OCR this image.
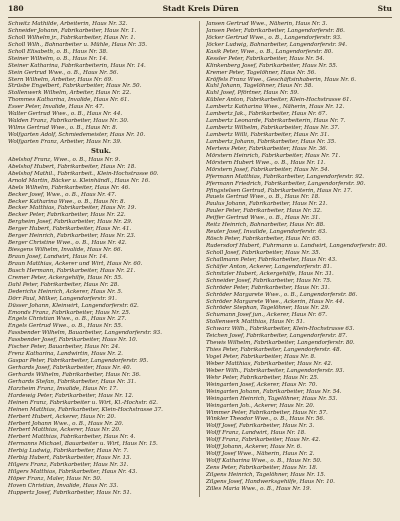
180	Stadt Kreis Düren	Stu
Schwitz Mathilde, Arbeiterin, Haus Nr. 32.
Schneider Johann, Fabrikarbeiter, Haus Nr. 1.
Scholl Wilhelm jr., Fabrikarbeiter, Haus Nr. 1.
Scholl Wilh., Bahnarbeiter u. Mühle, Haus Nr. 35.
Scholl Elisabeth, o. B., Haus Nr. 38.
Steiner Wilhelm, o. B., Haus Nr. 14.
Steiner Katharina, Fabrikarbeiterin, Haus Nr. 14.
Stein Gertrud Wwe., o. B., Haus Nr. 56.
Stern Wilhelm, Arbeiter, Haus Nr. 69.
Strüsbe Engelbert, Fabrikarbeiter, Haus Nr. 50.
Stollenwerk Wilhelm, Arbeiter, Haus Nr. 22.
Thommes Katharina, Invalide, Haus Nr. 61.
Esser Peter, Invalide, Haus Nr. 47.
Walter Gertrud Wwe., o. B., Haus Nr. 44.
Walden Franz, Fabrikarbeiter, Haus Nr. 30.
Wilms Gertrud Wwe., o. B., Haus Nr. 8.
Wolfgarten Adolf, Schmiedemeister, Haus Nr. 10.
Wolfgarten Franz, Arbeiter, Haus Nr. 39.
Stuk.
Abelshof Franz, Wwe., o. B., Haus Nr. 9.
Abelshof Hubert, Fabrikarbeiter, Haus Nr. 18.
Abelshof Mathil., Fabrikarbeit., Klein-Hochstrasse 60.
Arnold Martin, Bäcker u. Kleinhändl., Haus Nr. 16.
Abels Wilhelm, Fabrikarbeiter, Haus Nr. 46.
Becker Josef, Wwe., o. B., Haus Nr. 47.
Becker Katharina Wwe., o. B., Haus Nr. 8.
Becker Matthias, Fabrikarbeiter, Haus Nr. 19.
Becker Peter, Fabrikarbeiter, Haus Nr. 22.
Bergheim Josef, Fabrikarbeiter, Haus Nr. 29.
Berger Hubert, Fabrikarbeiter, Haus Nr. 41.
Berger Heinrich, Fabrikarbeiter, Haus Nr. 23.
Berger Christine Wwe., o. B., Haus Nr. 42.
Biesgens Wilhelm, Invalide, Haus Nr. 66.
Braun Josef, Landwirt, Haus Nr. 14.
Braun Matthias, Ackerer und Wirt, Haus Nr. 60.
Busch Hermann, Fabrikarbeiter, Haus Nr. 21.
Cremer Peter, Ackergehilfe, Haus Nr. 55.
Dahl Peter, Fabrikarbeiter, Haus Nr. 28.
Dederichs Heinrich, Ackerer, Haus Nr. 5.
Dörr Paul, Milker, Langendorferstr. 91.
Düsser Johann, Kleinwirt, Langendorferstr. 62.
Emonds Franz, Fabrikarbeiter, Haus Nr. 25.
Engels Christian Wwe., o. B., Haus Nr. 27.
Engels Gertrud Wwe., o. B., Haus Nr. 55.
Fassbender Wilhelm, Bauarbeiter, Langendorferstr. 93.
Fassbender Josef, Fabrikarbeiter, Haus Nr. 10.
Fischer Peter, Bauarbeiter, Haus Nr. 24.
Frenz Katharina, Landwirtin, Haus Nr. 2.
Gaspar Peter, Fabrikarbeiter, Langendorferstr. 95.
Gerhards Josef, Fabrikarbeiter, Haus Nr. 40.
Gerhards Wilhelm, Fabrikarbeiter, Haus Nr. 36.
Gerhards Stefan, Fabrikarbeiter, Haus Nr. 31.
Harzheim Franz, Invalide, Haus Nr. 17.
Hardewig Peter, Fabrikarbeiter, Haus Nr. 12.
Heinen Franz, Fabrikarbeiter u. Wirt, Kl.-Hochstr. 62.
Heinen Matthias, Fabrikarbeiter, Klein-Hochstrasse 37.
Herbert Hubert, Ackerer, Haus Nr. 20.
Herbert Johann Wwe., o. B., Haus Nr. 20.
Herbert Matthias, Ackerer, Haus Nr. 20.
Herbert Matthias, Fabrikarbeiter, Haus Nr. 4.
Hermanns Michael, Bauarbeiter u. Wirt, Haus Nr. 15.
Herbig Ludwig, Fabrikarbeiter, Haus Nr. 7.
Herbig Hubert, Fabrikarbeiter, Haus Nr. 13.
Hilgers Franz, Fabrikarbeiter, Haus Nr. 31.
Hilgers Matthias, Fabrikarbeiter, Haus Nr. 43.
Höper Franz, Maler, Haus Nr. 50.
Hoven Christian, Invalide, Haus Nr. 33.
Huppertz Josef, Fabrikarbeiter, Haus Nr. 51.
Jansen Gertrud Wwe., Näherin, Haus Nr. 3.
Jansen Peter, Fabrikarbeiter, Langendorferstr. 86.
Jöcker Gertrud Wwe., o. B., Langendorferstr. 93.
Jöcker Ludwig, Bahnarbeiter, Langendorferstr. 94.
Kasik Peter, Wwe., o. B., Langendorferstr. 80.
Kessler Peter, Fabrikarbeiter, Haus Nr. 54.
Klinkenberg Josef, Fabrikarbeiter, Haus Nr. 55.
Kremer Peter, Tagelöhner, Haus Nr. 56.
Kröffels Franz Wwe., Geschäftsinhaberin, Haus Nr. 6.
Kuhl Johann, Tagelöhner, Haus Nr. 58.
Kuhl Josef, Pförtner, Haus Nr. 59.
Kübler Anton, Fabrikarbeiter, Klein-Hochstrasse 61.
Lambertz Katharina Wwe., Näherin, Haus Nr. 12.
Lambertz Jak., Fabrikarbeiter, Haus Nr. 67.
Lambertz Leonarde, Fabrikarbeiterin, Haus Nr. 7.
Lambertz Wilhelm, Fabrikarbeiter, Haus Nr. 37.
Lambertz Willi, Fabrikarbeiter, Haus Nr. 31.
Lambertz Johann, Fabrikarbeiter, Haus Nr. 35.
Mertens Peter, Fabrikarbeiter, Haus Nr. 36.
Mörstern Heinrich, Fabrikarbeiter, Haus Nr. 71.
Mörstern Hubert Wwe., o. B., Haus Nr. 11.
Mörstern Josef, Fabrikarbeiter, Haus Nr. 54.
Pfermann Matthias, Fabrikarbeiter, Langendorferstr. 92.
Pfermann Friedrich, Fabrikarbeiter, Langendorferstr. 90.
Pfingstelsen Gertrud, Fabrikarbeiterin, Haus Nr. 17.
Pauels Gertrud Wwe., o. B., Haus Nr. 18.
Paulus Johann, Fabrikarbeiter, Haus Nr. 21.
Pauler Peter, Fabrikarbeiter, Haus Nr. 32.
Peiffer Gertrud Wwe., o. B., Haus Nr. 31.
Reitz Heinrich, Bahnarbeiter, Haus Nr. 88.
Reuter Josef, Invalide, Langendorferstr. 63.
Rösch Peter, Fabrikarbeiter, Haus Nr. 65.
Rudersdorf Hubert, Fuhrmann u. Landwirt, Langendorferstr. 80.
Scholl Josef, Fabrikarbeiter, Haus Nr. 35.
Schallmann Peter, Fabrikarbeiter, Haus Nr. 43.
Schäfer Anton, Ackerer, Langendorferstr. 81.
Schnitzler Hubert, Ackergehilfe, Haus Nr. 31.
Schneider Josef, Fabrikarbeiter, Haus Nr. 75.
Schröder Peter, Fabrikarbeiter, Haus Nr. 31.
Schröder Margarete Wwe., o. B., Langendorferstr. 86.
Schröder Margarete Wwe., Ackerin, Haus Nr. 44.
Schröder Stephan, Tagelöhner, Haus Nr. 29.
Schumann Josef jun., Ackerer, Haus Nr. 67.
Stollenwerk Matthias, Haus Nr. 51.
Schwarz Wilh., Fabrikarbeiter, Klein-Hochstrasse 63.
Teichen Josef, Fabrikarbeiter, Langendorferstr. 87.
Thewis Wilhelm, Fabrikarbeiter, Langendorferstr. 80.
Thies Peter, Fabrikarbeiter, Langendorferstr. 48.
Vogel Peter, Fabrikarbeiter, Haus Nr. 8.
Weber Matthias, Fabrikarbeiter, Haus Nr. 42.
Weber Wilh., Fabrikarbeiter, Langendorferstr. 93.
Wehr Peter, Fabrikarbeiter, Haus Nr. 25.
Weingarten Josef, Ackerer, Haus Nr. 70.
Weingarten Johann, Fabrikarbeiter, Haus Nr. 54.
Weingarten Heinrich, Tagelöhner, Haus Nr. 53.
Weingarten Joh., Ackerer, Haus Nr. 20.
Wimmer Peter, Fabrikarbeiter, Haus Nr. 57.
Winkler Theodor Wwe., o. B., Haus Nr. 56.
Wolff Josef, Fabrikarbeiter, Haus Nr. 3.
Wolff Franz, Landwirt, Haus Nr. 18.
Wolff Franz, Fabrikarbeiter, Haus Nr. 42.
Wolff Johann, Ackerer, Haus Nr. 6.
Wolff Josef Wwe., Näherin, Haus Nr. 2.
Wolff Katharina Wwe., o. B., Haus Nr. 50.
Zens Peter, Fabrikarbeiter, Haus Nr. 18.
Zilgens Heinrich, Tagelöhner, Haus Nr. 15.
Zilgens Josef, Handwerksgehilfe, Haus Nr. 10.
Zilles Maria Wwe., o. B., Haus Nr. 19.
